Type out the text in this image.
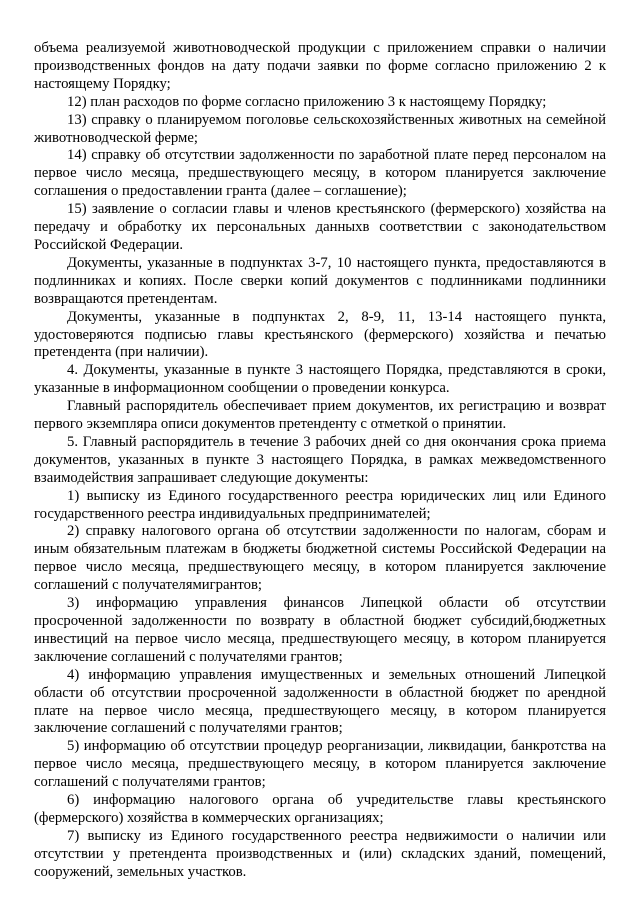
объема реализуемой животноводческой продукции с приложением справки о наличии производственных фондов на дату подачи заявки по форме согласно приложению 2 к настоящему Порядку;

12) план расходов по форме согласно приложению 3 к настоящему Порядку;

13) справку о планируемом поголовье сельскохозяйственных животных на семейной животноводческой ферме;

14) справку об отсутствии задолженности по заработной плате перед персоналом на первое число месяца, предшествующего месяцу, в котором планируется заключение соглашения о предоставлении гранта (далее – соглашение);

15) заявление о согласии главы и членов крестьянского (фермерского) хозяйства на передачу и обработку их персональных данныхв соответствии с законодательством Российской Федерации.

Документы, указанные в подпунктах 3-7, 10 настоящего пункта, предоставляются в подлинниках и копиях. После сверки копий документов с подлинниками подлинники возвращаются претендентам.

Документы, указанные в подпунктах 2, 8-9, 11, 13-14 настоящего пункта, удостоверяются подписью главы крестьянского (фермерского) хозяйства и печатью претендента (при наличии).

4. Документы, указанные в пункте 3 настоящего Порядка, представляются в сроки, указанные в информационном сообщении о проведении конкурса.

Главный распорядитель обеспечивает прием документов, их регистрацию и возврат первого экземпляра описи документов претенденту с отметкой о принятии.

5. Главный распорядитель в течение 3 рабочих дней со дня окончания срока приема документов, указанных в пункте 3 настоящего Порядка, в рамках межведомственного взаимодействия запрашивает следующие документы:

1) выписку из Единого государственного реестра юридических лиц или Единого государственного реестра индивидуальных предпринимателей;

2) справку налогового органа об отсутствии задолженности по налогам, сборам и иным обязательным платежам в бюджеты бюджетной системы Российской Федерации на первое число месяца, предшествующего месяцу, в котором планируется заключение соглашений с получателямигрантов;

3) информацию управления финансов Липецкой области об отсутствии просроченной задолженности по возврату в областной бюджет субсидий,бюджетных инвестиций на первое число месяца, предшествующего месяцу, в котором планируется заключение соглашений с получателями грантов;

4) информацию управления имущественных и земельных отношений Липецкой области об отсутствии просроченной задолженности в областной бюджет по арендной плате на первое число месяца, предшествующего месяцу, в котором планируется заключение соглашений с получателями грантов;

5) информацию об отсутствии процедур реорганизации, ликвидации, банкротства на первое число месяца, предшествующего месяцу, в котором планируется заключение соглашений с получателями грантов;

6) информацию налогового органа об учредительстве главы крестьянского (фермерского) хозяйства в коммерческих организациях;

7) выписку из Единого государственного реестра недвижимости о наличии или отсутствии у претендента производственных и (или) складских зданий, помещений, сооружений, земельных участков.
